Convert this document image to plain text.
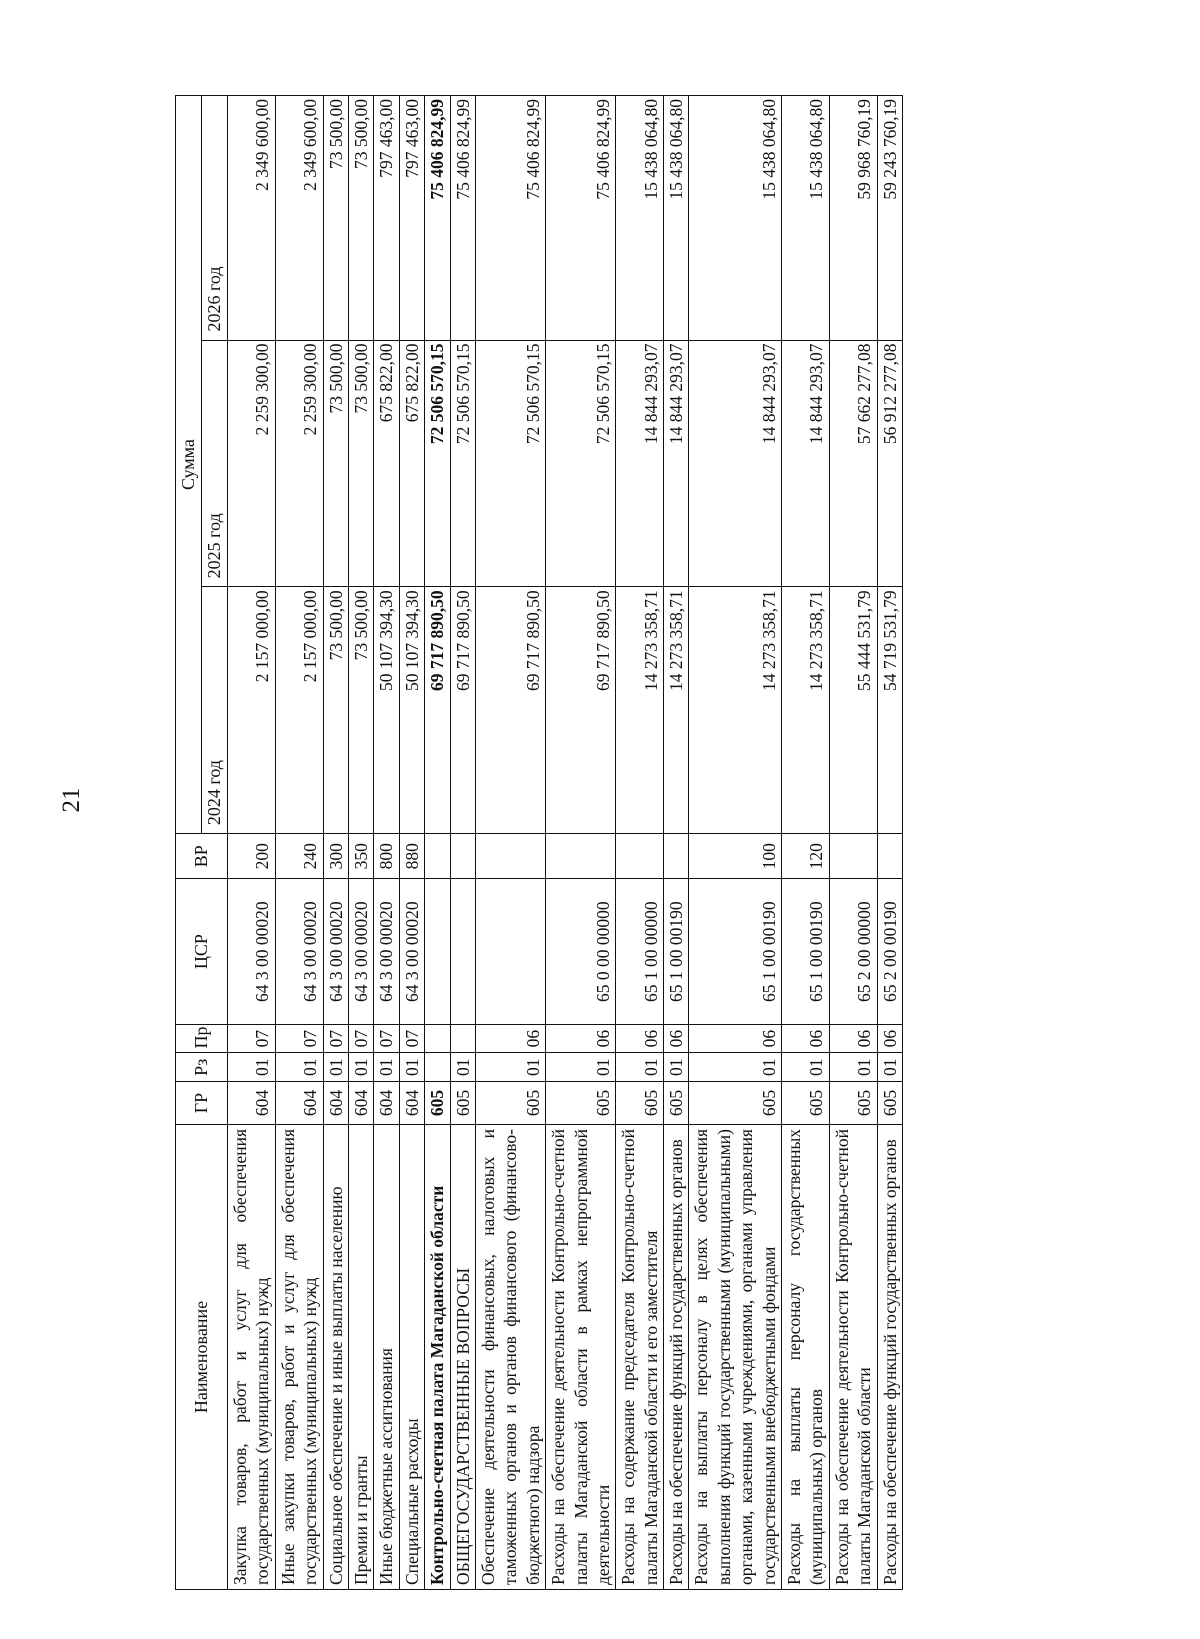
21
Наименование	ГР	Рз	Пр	ЦСР	ВР	Сумма		
						2024 год	2025 год	2026 год
Закупка товаров, работ и услуг для обеспечения государственных (муниципальных) нужд	604	01	07	64 3 00 00020	200	2 157 000,00	2 259 300,00	2 349 600,00
Иные закупки товаров, работ и услуг для обеспечения государственных (муниципальных) нужд	604	01	07	64 3 00 00020	240	2 157 000,00	2 259 300,00	2 349 600,00
Социальное обеспечение и иные выплаты населению	604	01	07	64 3 00 00020	300	73 500,00	73 500,00	73 500,00
Премии и гранты	604	01	07	64 3 00 00020	350	73 500,00	73 500,00	73 500,00
Иные бюджетные ассигнования	604	01	07	64 3 00 00020	800	50 107 394,30	675 822,00	797 463,00
Специальные расходы	604	01	07	64 3 00 00020	880	50 107 394,30	675 822,00	797 463,00
Контрольно-счетная палата Магаданской области	605					69 717 890,50	72 506 570,15	75 406 824,99
ОБЩЕГОСУДАРСТВЕННЫЕ ВОПРОСЫ	605	01				69 717 890,50	72 506 570,15	75 406 824,99
Обеспечение деятельности финансовых, налоговых и таможенных органов и органов финансового (финансово-бюджетного) надзора	605	01	06			69 717 890,50	72 506 570,15	75 406 824,99
Расходы на обеспечение деятельности Контрольно-счетной палаты Магаданской области в рамках непрограммной деятельности	605	01	06	65 0 00 00000		69 717 890,50	72 506 570,15	75 406 824,99
Расходы на содержание председателя Контрольно-счетной палаты Магаданской области и его заместителя	605	01	06	65 1 00 00000		14 273 358,71	14 844 293,07	15 438 064,80
Расходы на обеспечение функций государственных органов	605	01	06	65 1 00 00190		14 273 358,71	14 844 293,07	15 438 064,80
Расходы на выплаты персоналу в целях обеспечения выполнения функций государственными (муниципальными) органами, казенными учреждениями, органами управления государственными внебюджетными фондами	605	01	06	65 1 00 00190	100	14 273 358,71	14 844 293,07	15 438 064,80
Расходы на выплаты персоналу государственных (муниципальных) органов	605	01	06	65 1 00 00190	120	14 273 358,71	14 844 293,07	15 438 064,80
Расходы на обеспечение деятельности Контрольно-счетной палаты Магаданской области	605	01	06	65 2 00 00000		55 444 531,79	57 662 277,08	59 968 760,19
Расходы на обеспечение функций государственных органов	605	01	06	65 2 00 00190		54 719 531,79	56 912 277,08	59 243 760,19
